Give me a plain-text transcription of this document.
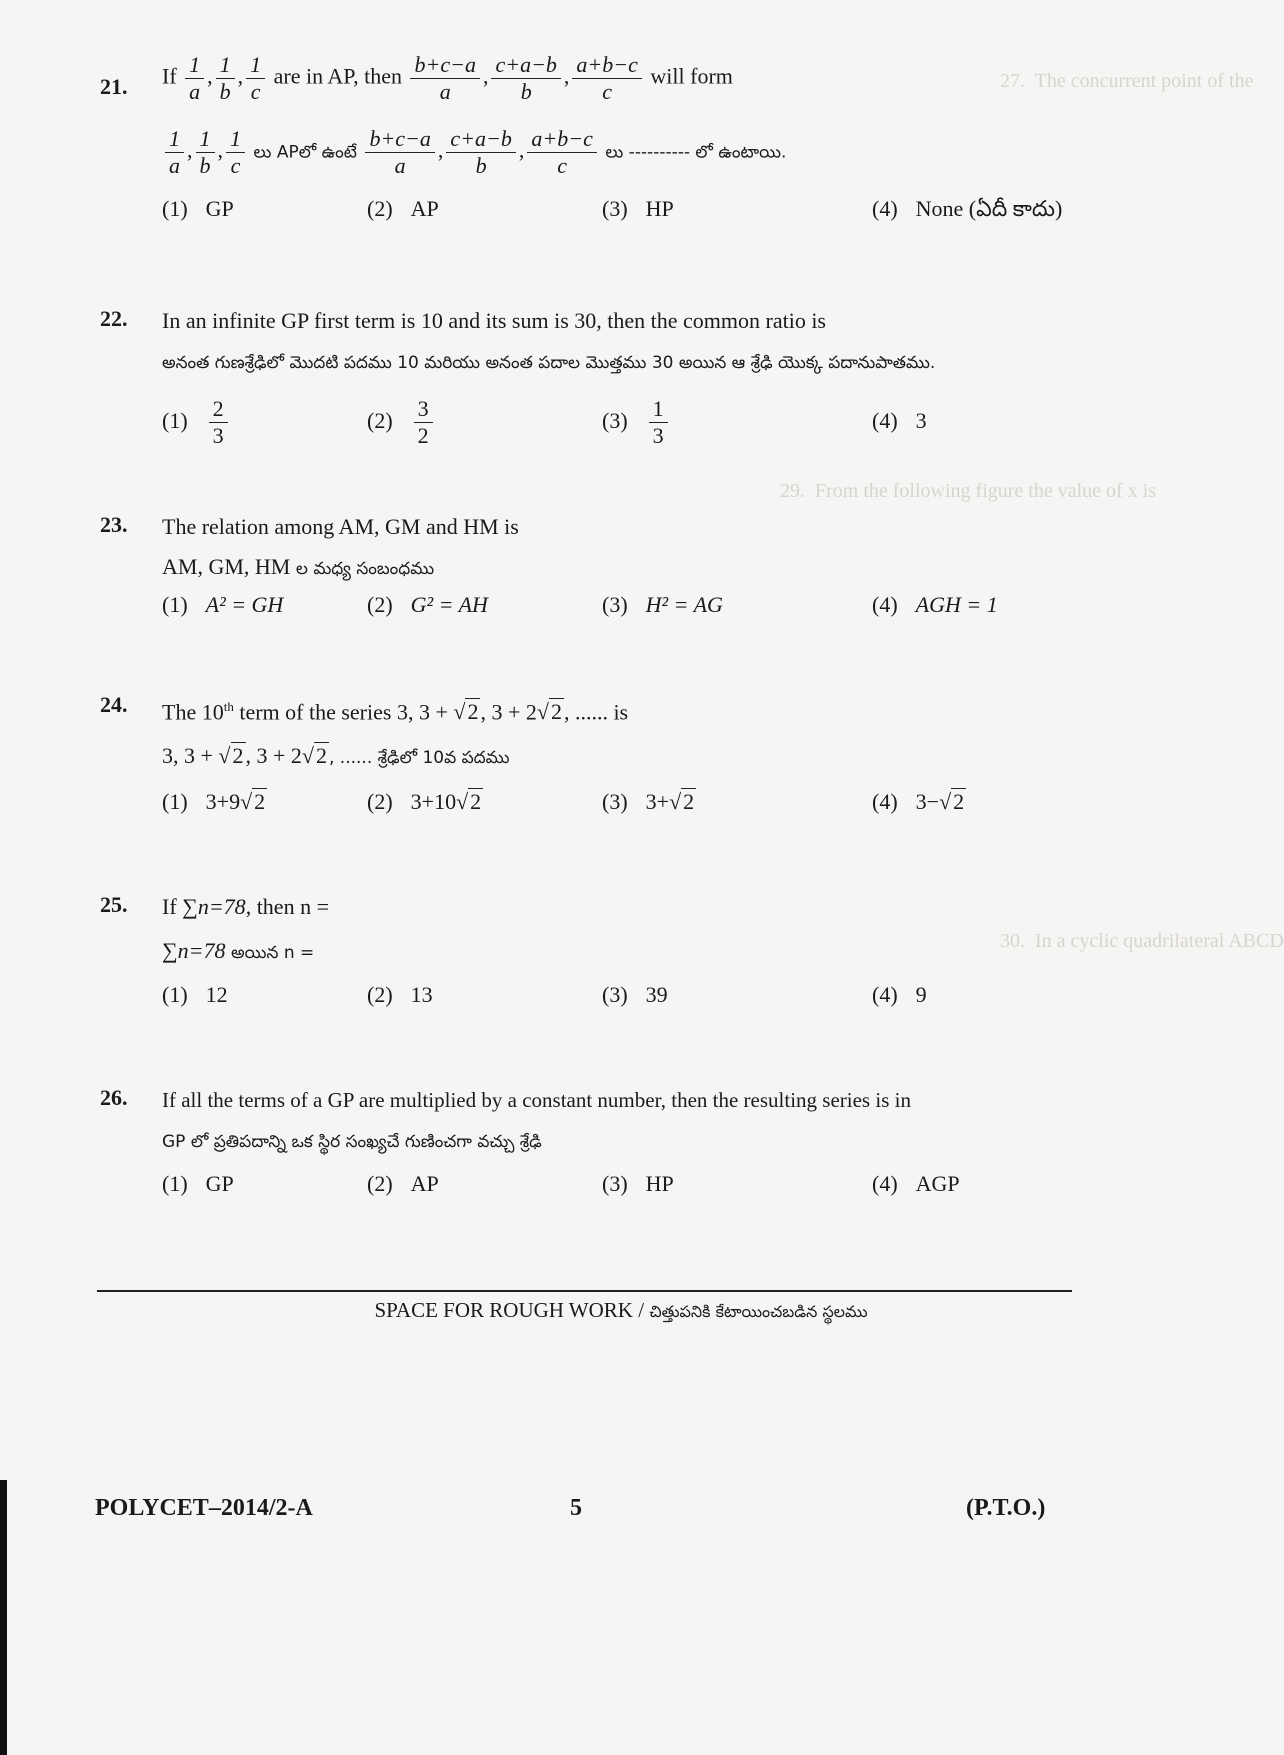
27.  The concurrent point of the
29.  From the following figure the value of x is
30.  In a cyclic quadrilateral ABCD
21. If $\frac{1}{a}$ , $\frac{1}{b}$ , $\frac{1}{c}$ are in AP, then $\frac{b+c-a}{a}$ , $\frac{c+a-b}{b}$ , $\frac{a+b-c}{c}$ will form
$\frac{1}{a}$ , $\frac{1}{b}$ , $\frac{1}{c}$ లు APలో ఉంటే $\frac{b+c-a}{a}$ , $\frac{c+a-b}{b}$ , $\frac{a+b-c}{c}$ లు ---------- లో ఉంటాయి.
(1) GP	(2) AP	(3) HP	(4) None (ఏదీ కాదు)
22. In an infinite GP first term is 10 and its sum is 30, then the common ratio is
అనంత గుణశ్రేఢిలో మొదటి పదము 10 మరియు అనంత పదాల మొత్తము 30 అయిన ఆ శ్రేఢి యొక్క పదానుపాతము.
$(1) \frac{2}{3}$	$(2) \frac{3}{2}$	$(3) \frac{1}{3}$	(4) 3
23. The relation among AM, GM and HM is
AM, GM, HM ల మధ్య సంబంధము
(1) A² = GH	(2) G² = AH	(3) H² = AG	(4) AGH = 1
24. The 10th term of the series 3, 3 + √2, 3 + 2√2, ...... is
3, 3 + √2, 3 + 2√2 , ...... శ్రేఢిలో 10వ పదము
(1) 3+9√2	(2) 3+10√2	(3) 3+√2	(4) 3−√2
25. If ∑n=78, then n =
∑n=78 అయిన n =
(1) 12	(2) 13	(3) 39	(4) 9
26. If all the terms of a GP are multiplied by a constant number, then the resulting series is in
GP లో ప్రతిపదాన్ని ఒక స్థిర సంఖ్యచే గుణించగా వచ్చు శ్రేఢి
(1) GP	(2) AP	(3) HP	(4) AGP
SPACE FOR ROUGH WORK / చిత్తుపనికి కేటాయించబడిన స్థలము
POLYCET–2014/2-A	5	(P.T.O.)
